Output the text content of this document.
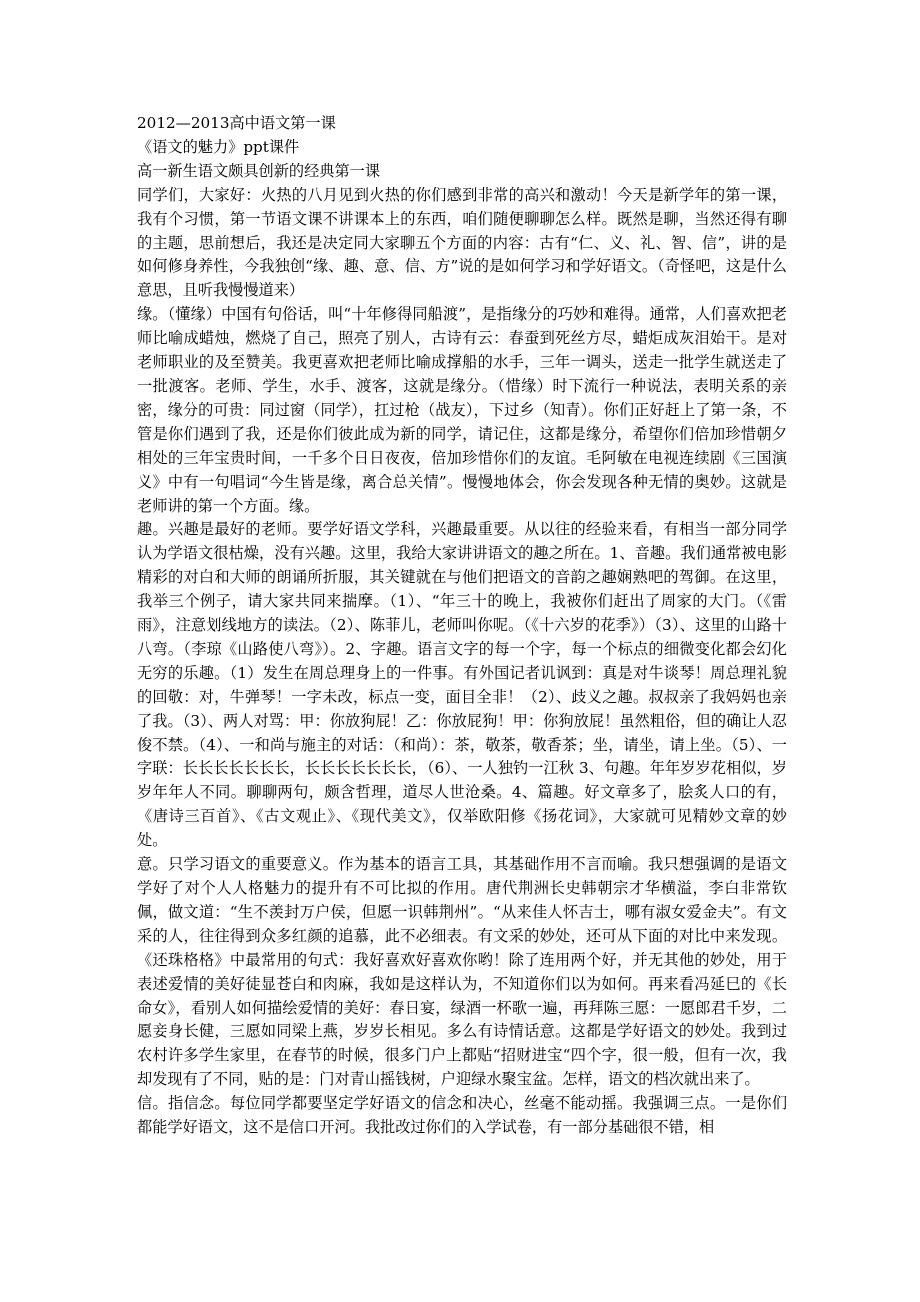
2012—2013高中语文第一课

《语文的魅力》ppt课件

高一新生语文颇具创新的经典第一课

同学们，大家好：火热的八月见到火热的你们感到非常的高兴和激动！今天是新学年的第一课，我有个习惯，第一节语文课不讲课本上的东西，咱们随便聊聊怎么样。既然是聊，当然还得有聊的主题，思前想后，我还是决定同大家聊五个方面的内容：古有“仁、义、礼、智、信”，讲的是如何修身养性，今我独创“缘、趣、意、信、方”说的是如何学习和学好语文。（奇怪吧，这是什么意思，且听我慢慢道来）

缘。（懂缘）中国有句俗话，叫“十年修得同船渡”，是指缘分的巧妙和难得。通常，人们喜欢把老师比喻成蜡烛，燃烧了自己，照亮了别人，古诗有云：春蚕到死丝方尽，蜡炬成灰泪始干。是对老师职业的及至赞美。我更喜欢把老师比喻成撑船的水手，三年一调头，送走一批学生就送走了一批渡客。老师、学生，水手、渡客，这就是缘分。（惜缘）时下流行一种说法，表明关系的亲密，缘分的可贵：同过窗（同学），扛过枪（战友），下过乡（知青）。你们正好赶上了第一条，不管是你们遇到了我，还是你们彼此成为新的同学，请记住，这都是缘分，希望你们倍加珍惜朝夕相处的三年宝贵时间，一千多个日日夜夜，倍加珍惜你们的友谊。毛阿敏在电视连续剧《三国演义》中有一句唱词“今生皆是缘，离合总关情”。慢慢地体会，你会发现各种无情的奥妙。这就是老师讲的第一个方面。缘。

趣。兴趣是最好的老师。要学好语文学科，兴趣最重要。从以往的经验来看，有相当一部分同学认为学语文很枯燥，没有兴趣。这里，我给大家讲讲语文的趣之所在。1、音趣。我们通常被电影精彩的对白和大师的朗诵所折服，其关键就在与他们把语文的音韵之趣娴熟吧的驾御。在这里，我举三个例子，请大家共同来揣摩。（1）、“年三十的晚上，我被你们赶出了周家的大门。（《雷雨》，注意划线地方的读法。（2）、陈菲儿，老师叫你呢。（《十六岁的花季》）（3）、这里的山路十八弯。（李琼《山路使八弯》）。2、字趣。语言文字的每一个字，每一个标点的细微变化都会幻化无穷的乐趣。（1）发生在周总理身上的一件事。有外国记者讥讽到：真是对牛谈琴！周总理礼貌的回敬：对，牛弹琴！一字未改，标点一变，面目全非！（2）、歧义之趣。叔叔亲了我妈妈也亲了我。（3）、两人对骂：甲：你放狗屁！乙：你放屁狗！甲：你狗放屁！虽然粗俗，但的确让人忍俊不禁。（4）、一和尚与施主的对话：（和尚）：茶，敬茶，敬香茶；坐，请坐，请上坐。（5）、一字联：长长长长长长长，长长长长长长长，（6）、一人独钓一江秋 3、句趣。年年岁岁花相似，岁岁年年人不同。聊聊两句，颇含哲理，道尽人世沧桑。4、篇趣。好文章多了，脍炙人口的有，《唐诗三百首》、《古文观止》、《现代美文》，仅举欧阳修《扬花词》，大家就可见精妙文章的妙处。

意。只学习语文的重要意义。作为基本的语言工具，其基础作用不言而喻。我只想强调的是语文学好了对个人人格魅力的提升有不可比拟的作用。唐代荆洲长史韩朝宗才华横溢，李白非常钦佩，做文道：“生不羡封万户侯，但愿一识韩荆州”。“从来佳人怀吉士，哪有淑女爱金夫”。有文采的人，往往得到众多红颜的追慕，此不必细表。有文采的妙处，还可从下面的对比中来发现。《还珠格格》中最常用的句式：我好喜欢好喜欢你哟！除了连用两个好，并无其他的妙处，用于表述爱情的美好徒显苍白和肉麻，我如是这样认为，不知道你们以为如何。再来看冯延巳的《长命女》，看别人如何描绘爱情的美好：春日宴，绿酒一杯歌一遍，再拜陈三愿：一愿郎君千岁，二愿妾身长健，三愿如同梁上燕，岁岁长相见。多么有诗情话意。这都是学好语文的妙处。我到过农村许多学生家里，在春节的时候，很多门户上都贴“招财进宝“四个字，很一般，但有一次，我却发现有了不同，贴的是：门对青山摇钱树，户迎绿水聚宝盆。怎样，语文的档次就出来了。

信。指信念。每位同学都要坚定学好语文的信念和决心，丝毫不能动摇。我强调三点。一是你们都能学好语文，这不是信口开河。我批改过你们的入学试卷，有一部分基础很不错，相
